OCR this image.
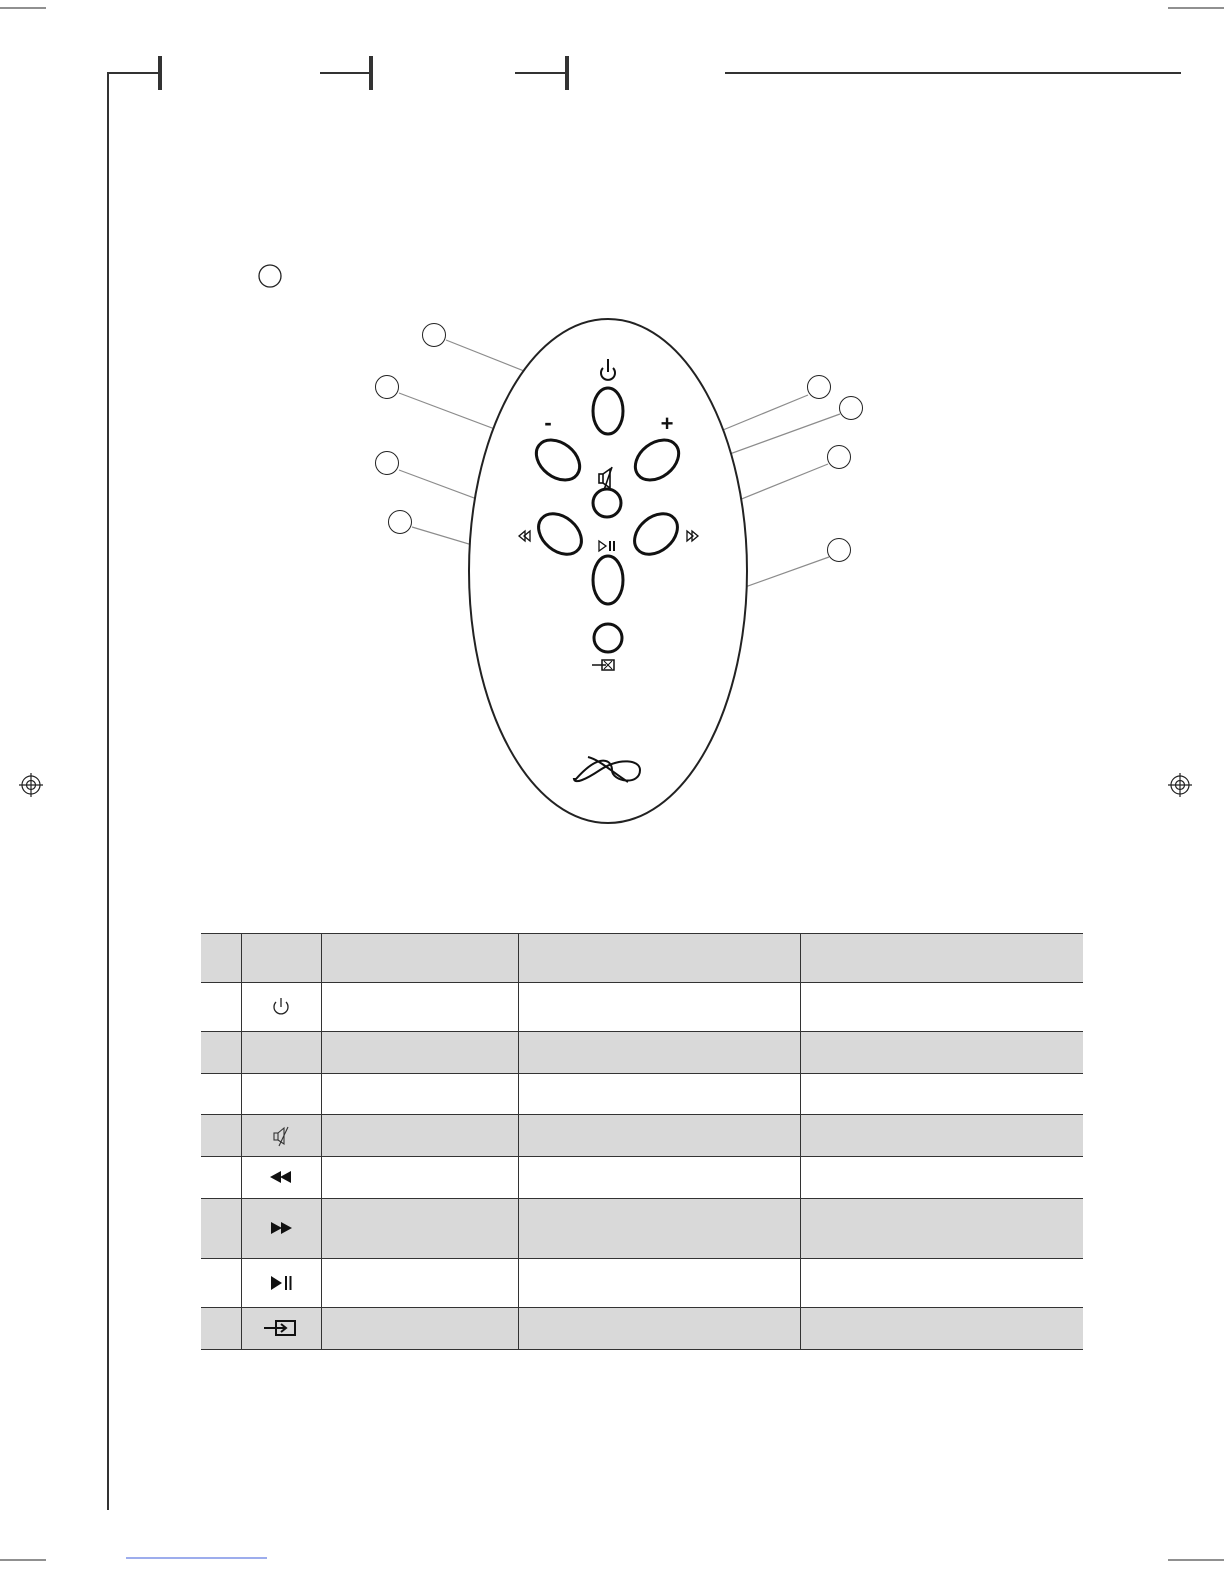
-	+
